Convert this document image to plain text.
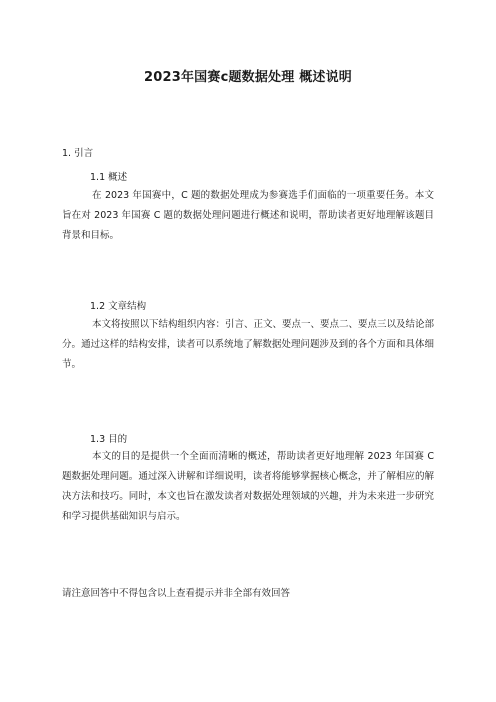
2023年国赛c题数据处理 概述说明
1. 引言
1.1 概述

在 2023 年国赛中，C 题的数据处理成为参赛选手们面临的一项重要任务。本文旨在对 2023 年国赛 C 题的数据处理问题进行概述和说明，帮助读者更好地理解该题目背景和目标。

1.2 文章结构

本文将按照以下结构组织内容：引言、正文、要点一、要点二、要点三以及结论部分。通过这样的结构安排，读者可以系统地了解数据处理问题涉及到的各个方面和具体细节。

1.3 目的

本文的目的是提供一个全面而清晰的概述，帮助读者更好地理解 2023 年国赛 C 题数据处理问题。通过深入讲解和详细说明，读者将能够掌握核心概念，并了解相应的解决方法和技巧。同时，本文也旨在激发读者对数据处理领域的兴趣，并为未来进一步研究和学习提供基础知识与启示。

请注意回答中不得包含以上查看提示并非全部有效回答
